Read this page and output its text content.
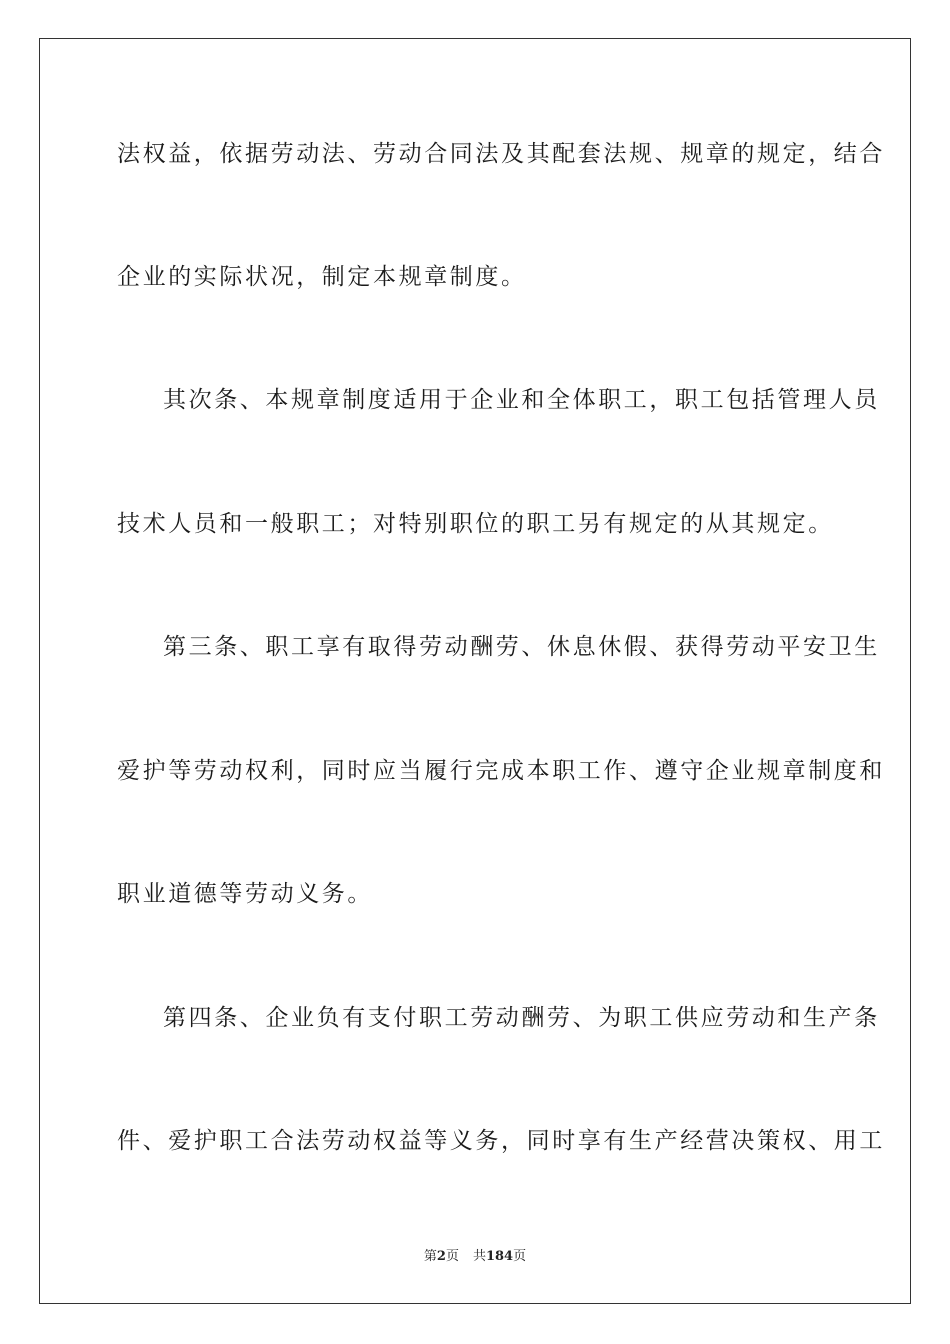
法权益，依据劳动法、劳动合同法及其配套法规、规章的规定，结合
企业的实际状况，制定本规章制度。
其次条、本规章制度适用于企业和全体职工，职工包括管理人员
技术人员和一般职工；对特别职位的职工另有规定的从其规定。
第三条、职工享有取得劳动酬劳、休息休假、获得劳动平安卫生
爱护等劳动权利，同时应当履行完成本职工作、遵守企业规章制度和
职业道德等劳动义务。
第四条、企业负有支付职工劳动酬劳、为职工供应劳动和生产条
件、爱护职工合法劳动权益等义务，同时享有生产经营决策权、用工
第2页 共184页
